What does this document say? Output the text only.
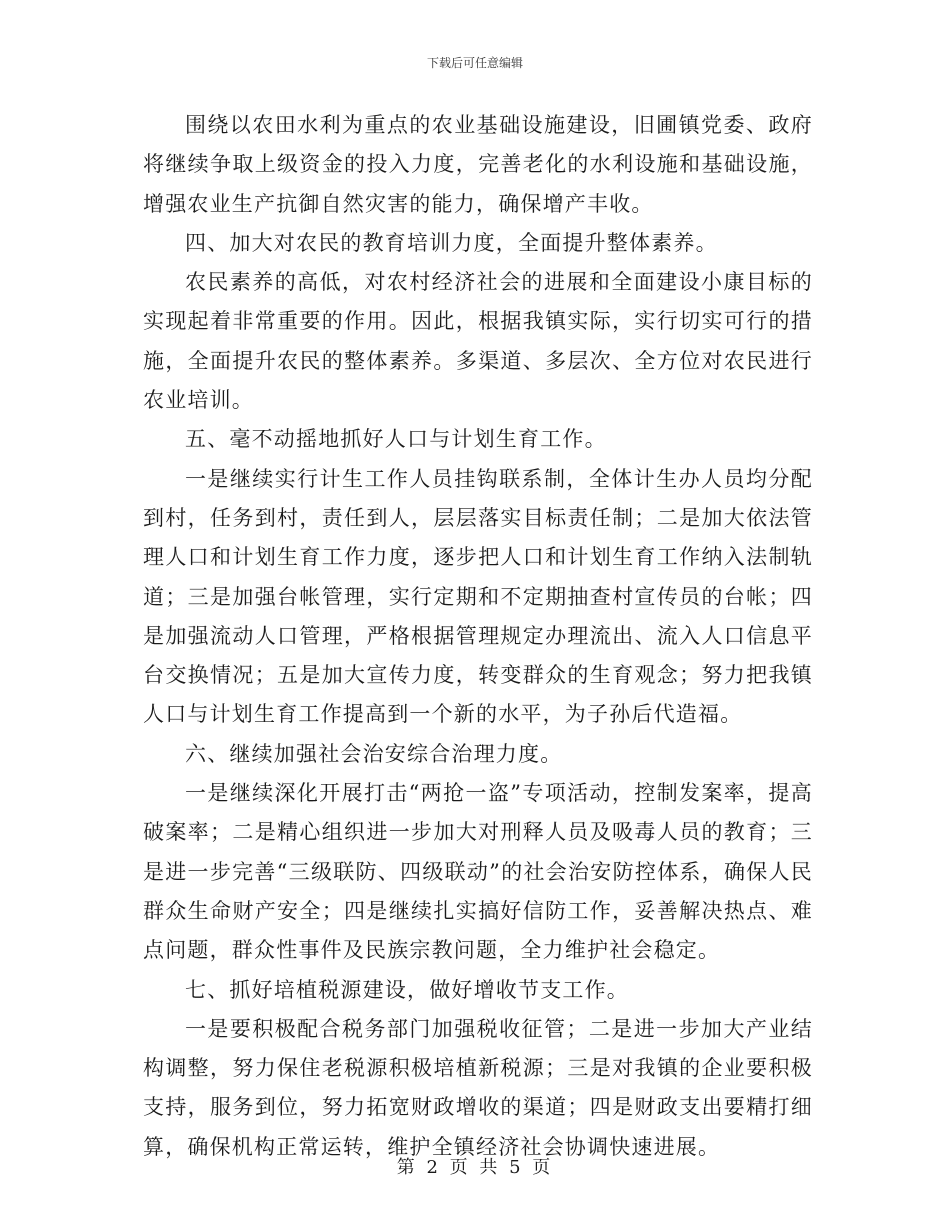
下载后可任意编辑

围绕以农田水利为重点的农业基础设施建设，旧圃镇党委、政府将继续争取上级资金的投入力度，完善老化的水利设施和基础设施，增强农业生产抗御自然灾害的能力，确保增产丰收。

四、加大对农民的教育培训力度，全面提升整体素养。

农民素养的高低，对农村经济社会的进展和全面建设小康目标的实现起着非常重要的作用。因此，根据我镇实际，实行切实可行的措施，全面提升农民的整体素养。多渠道、多层次、全方位对农民进行农业培训。

五、毫不动摇地抓好人口与计划生育工作。

一是继续实行计生工作人员挂钩联系制，全体计生办人员均分配到村，任务到村，责任到人，层层落实目标责任制；二是加大依法管理人口和计划生育工作力度，逐步把人口和计划生育工作纳入法制轨道；三是加强台帐管理，实行定期和不定期抽查村宣传员的台帐；四是加强流动人口管理，严格根据管理规定办理流出、流入人口信息平台交换情况；五是加大宣传力度，转变群众的生育观念；努力把我镇人口与计划生育工作提高到一个新的水平，为子孙后代造福。

六、继续加强社会治安综合治理力度。

一是继续深化开展打击“两抢一盗”专项活动，控制发案率，提高破案率；二是精心组织进一步加大对刑释人员及吸毒人员的教育；三是进一步完善“三级联防、四级联动”的社会治安防控体系，确保人民群众生命财产安全；四是继续扎实搞好信防工作，妥善解决热点、难点问题，群众性事件及民族宗教问题，全力维护社会稳定。

七、抓好培植税源建设，做好增收节支工作。

一是要积极配合税务部门加强税收征管；二是进一步加大产业结构调整，努力保住老税源积极培植新税源；三是对我镇的企业要积极支持，服务到位，努力拓宽财政增收的渠道；四是财政支出要精打细算，确保机构正常运转，维护全镇经济社会协调快速进展。

第 2 页 共 5 页
